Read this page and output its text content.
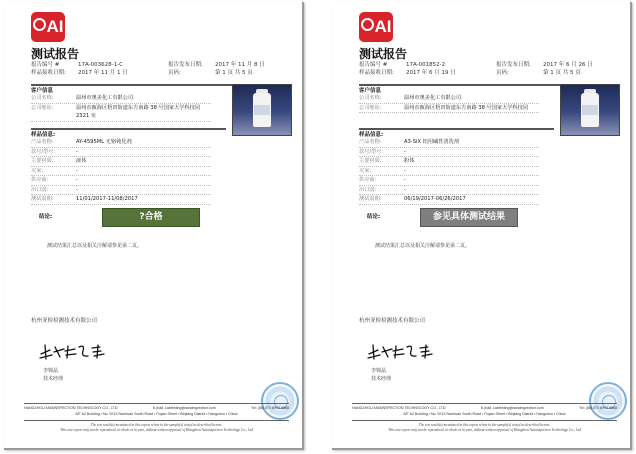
AI
测试报告
报告编号 #	17A-003628-1-C	报告发布日期:	2017 年 11 月 8 日
样品接收日期:	2017 年 11 月 1 日	页码:	第 1 页 共 5 页
客户信息
公司名称:	温州市奥美化工有限公司
公司地址:	温州市瓯海区梧田街道东方南路 38 号国家大学科技园 2321 室
样品信息:
产品名称:	AY-4595ML 无铬钝化剂
款号/型号:	-
主要材质:	液体
买家:	-
供应商:	-
出口国:	-
测试周期:	11/01/2017-11/08/2017
结论:	?合格
测试结果汇总以及相关注解请参见第二页。
杭州亚检检测技术有限公司
李锦晶
技术经理
HANGZHOU ASIAINSPECTION TECHNOLOGY CO., LTD	E-mail: Labtesting@asiainspection.com	Tel: (86) 571 8993 8888
5/F A2 Building • No. 5213 Nanhuan South Road • Puyan Street • Binjiang District • Hangzhou • China
The test result(s) mentioned in this report relate to the sample(s) tested as described herein.
This test report may not be reproduced in whole or in part, without written approval of Hangzhou Asiainspection Technology Co., Ltd
AI
测试报告
报告编号 #	17A-001852-2	报告发布日期:	2017 年 6 月 26 日
样品接收日期:	2017 年 6 月 19 日	页码:	第 1 页 共 5 页
客户信息
公司名称:	温州市奥美化工有限公司
公司地址:	温州市瓯海区梧田街道东方南路 38 号国家大学科技园
样品信息:
产品名称:	A3-SiX 铝用碱性清洗剂
款号/型号:	-
主要材质:	粉体
买家:	-
供应商:	-
出口国:	-
测试周期:	06/19/2017-06/26/2017
结论:	参见具体测试结果
测试结果汇总以及相关注解请参见第二页。
杭州亚检检测技术有限公司
李锦晶
技术经理
HANGZHOU ASIAINSPECTION TECHNOLOGY CO., LTD	E-mail: Labtesting@asiainspection.com	Tel: (86) 571 8993 8888
5/F A2 Building • No. 5213 Nanhuan South Road • Puyan Street • Binjiang District • Hangzhou • China
The test result(s) mentioned in this report relate to the sample(s) tested as described herein.
This test report may not be reproduced in whole or in part, without written approval of Hangzhou Asiainspection Technology Co., Ltd
